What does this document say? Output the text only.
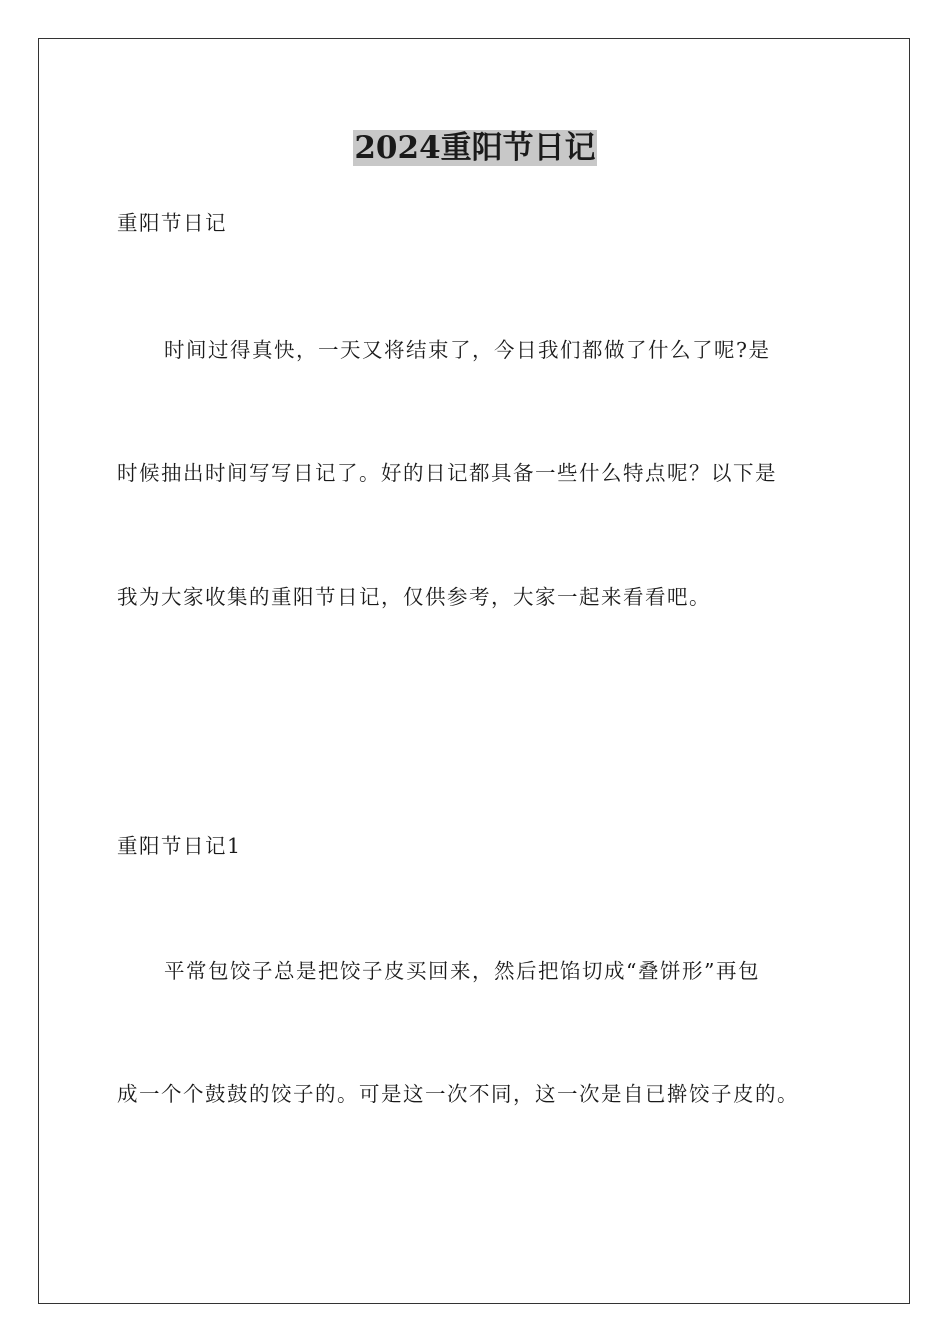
2024重阳节日记

重阳节日记

时间过得真快，一天又将结束了，今日我们都做了什么了呢?是

时候抽出时间写写日记了。好的日记都具备一些什么特点呢？以下是

我为大家收集的重阳节日记，仅供参考，大家一起来看看吧。

重阳节日记1

平常包饺子总是把饺子皮买回来，然后把馅切成“叠饼形”再包

成一个个鼓鼓的饺子的。可是这一次不同，这一次是自已擀饺子皮的。
